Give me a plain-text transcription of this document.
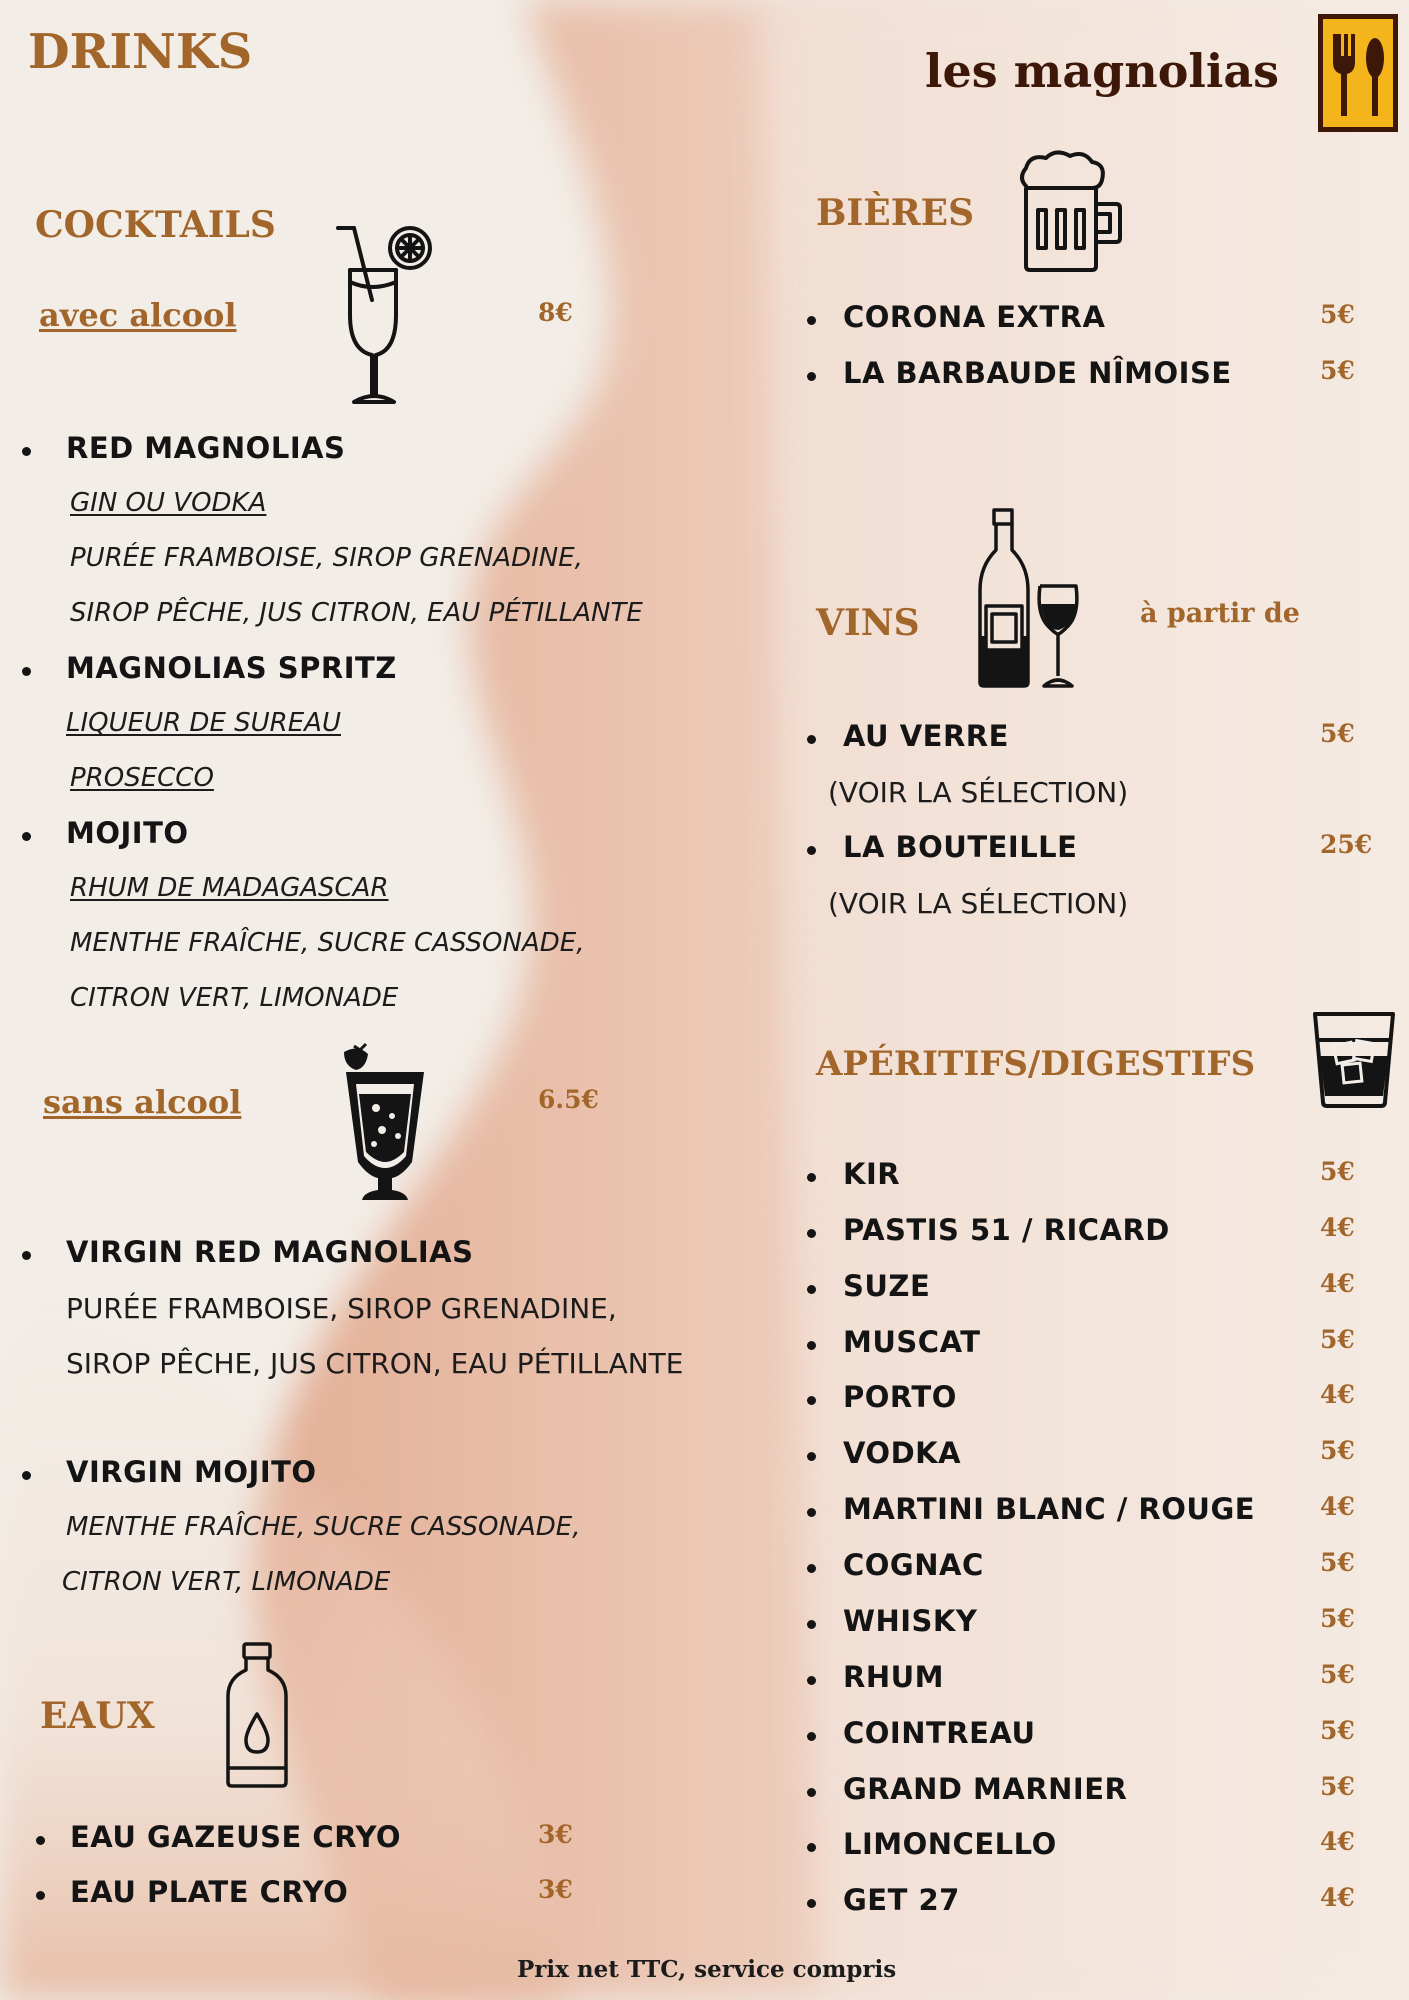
DRINKS	les magnolias
COCKTAILS
avec alcool	8€
RED MAGNOLIAS
GIN OU VODKA
PURÉE FRAMBOISE, SIROP GRENADINE,
SIROP PÊCHE, JUS CITRON, EAU PÉTILLANTE
MAGNOLIAS SPRITZ
LIQUEUR DE SUREAU
PROSECCO
MOJITO
RHUM DE MADAGASCAR
MENTHE FRAÎCHE, SUCRE CASSONADE,
CITRON VERT, LIMONADE
sans alcool	6.5€
VIRGIN RED MAGNOLIAS
PURÉE FRAMBOISE, SIROP GRENADINE,
SIROP PÊCHE, JUS CITRON, EAU PÉTILLANTE
VIRGIN MOJITO
MENTHE FRAÎCHE, SUCRE CASSONADE,
CITRON VERT, LIMONADE
EAUX
EAU GAZEUSE CRYO	3€
EAU PLATE CRYO	3€
BIÈRES
CORONA EXTRA	5€
LA BARBAUDE NÎMOISE	5€
VINS	à partir de
AU VERRE	5€
(VOIR LA SÉLECTION)
LA BOUTEILLE	25€
(VOIR LA SÉLECTION)
APÉRITIFS/DIGESTIFS
KIR	5€
PASTIS 51 / RICARD	4€
SUZE	4€
MUSCAT	5€
PORTO	4€
VODKA	5€
MARTINI BLANC / ROUGE	4€
COGNAC	5€
WHISKY	5€
RHUM	5€
COINTREAU	5€
GRAND MARNIER	5€
LIMONCELLO	4€
GET 27	4€
Prix net TTC, service compris
